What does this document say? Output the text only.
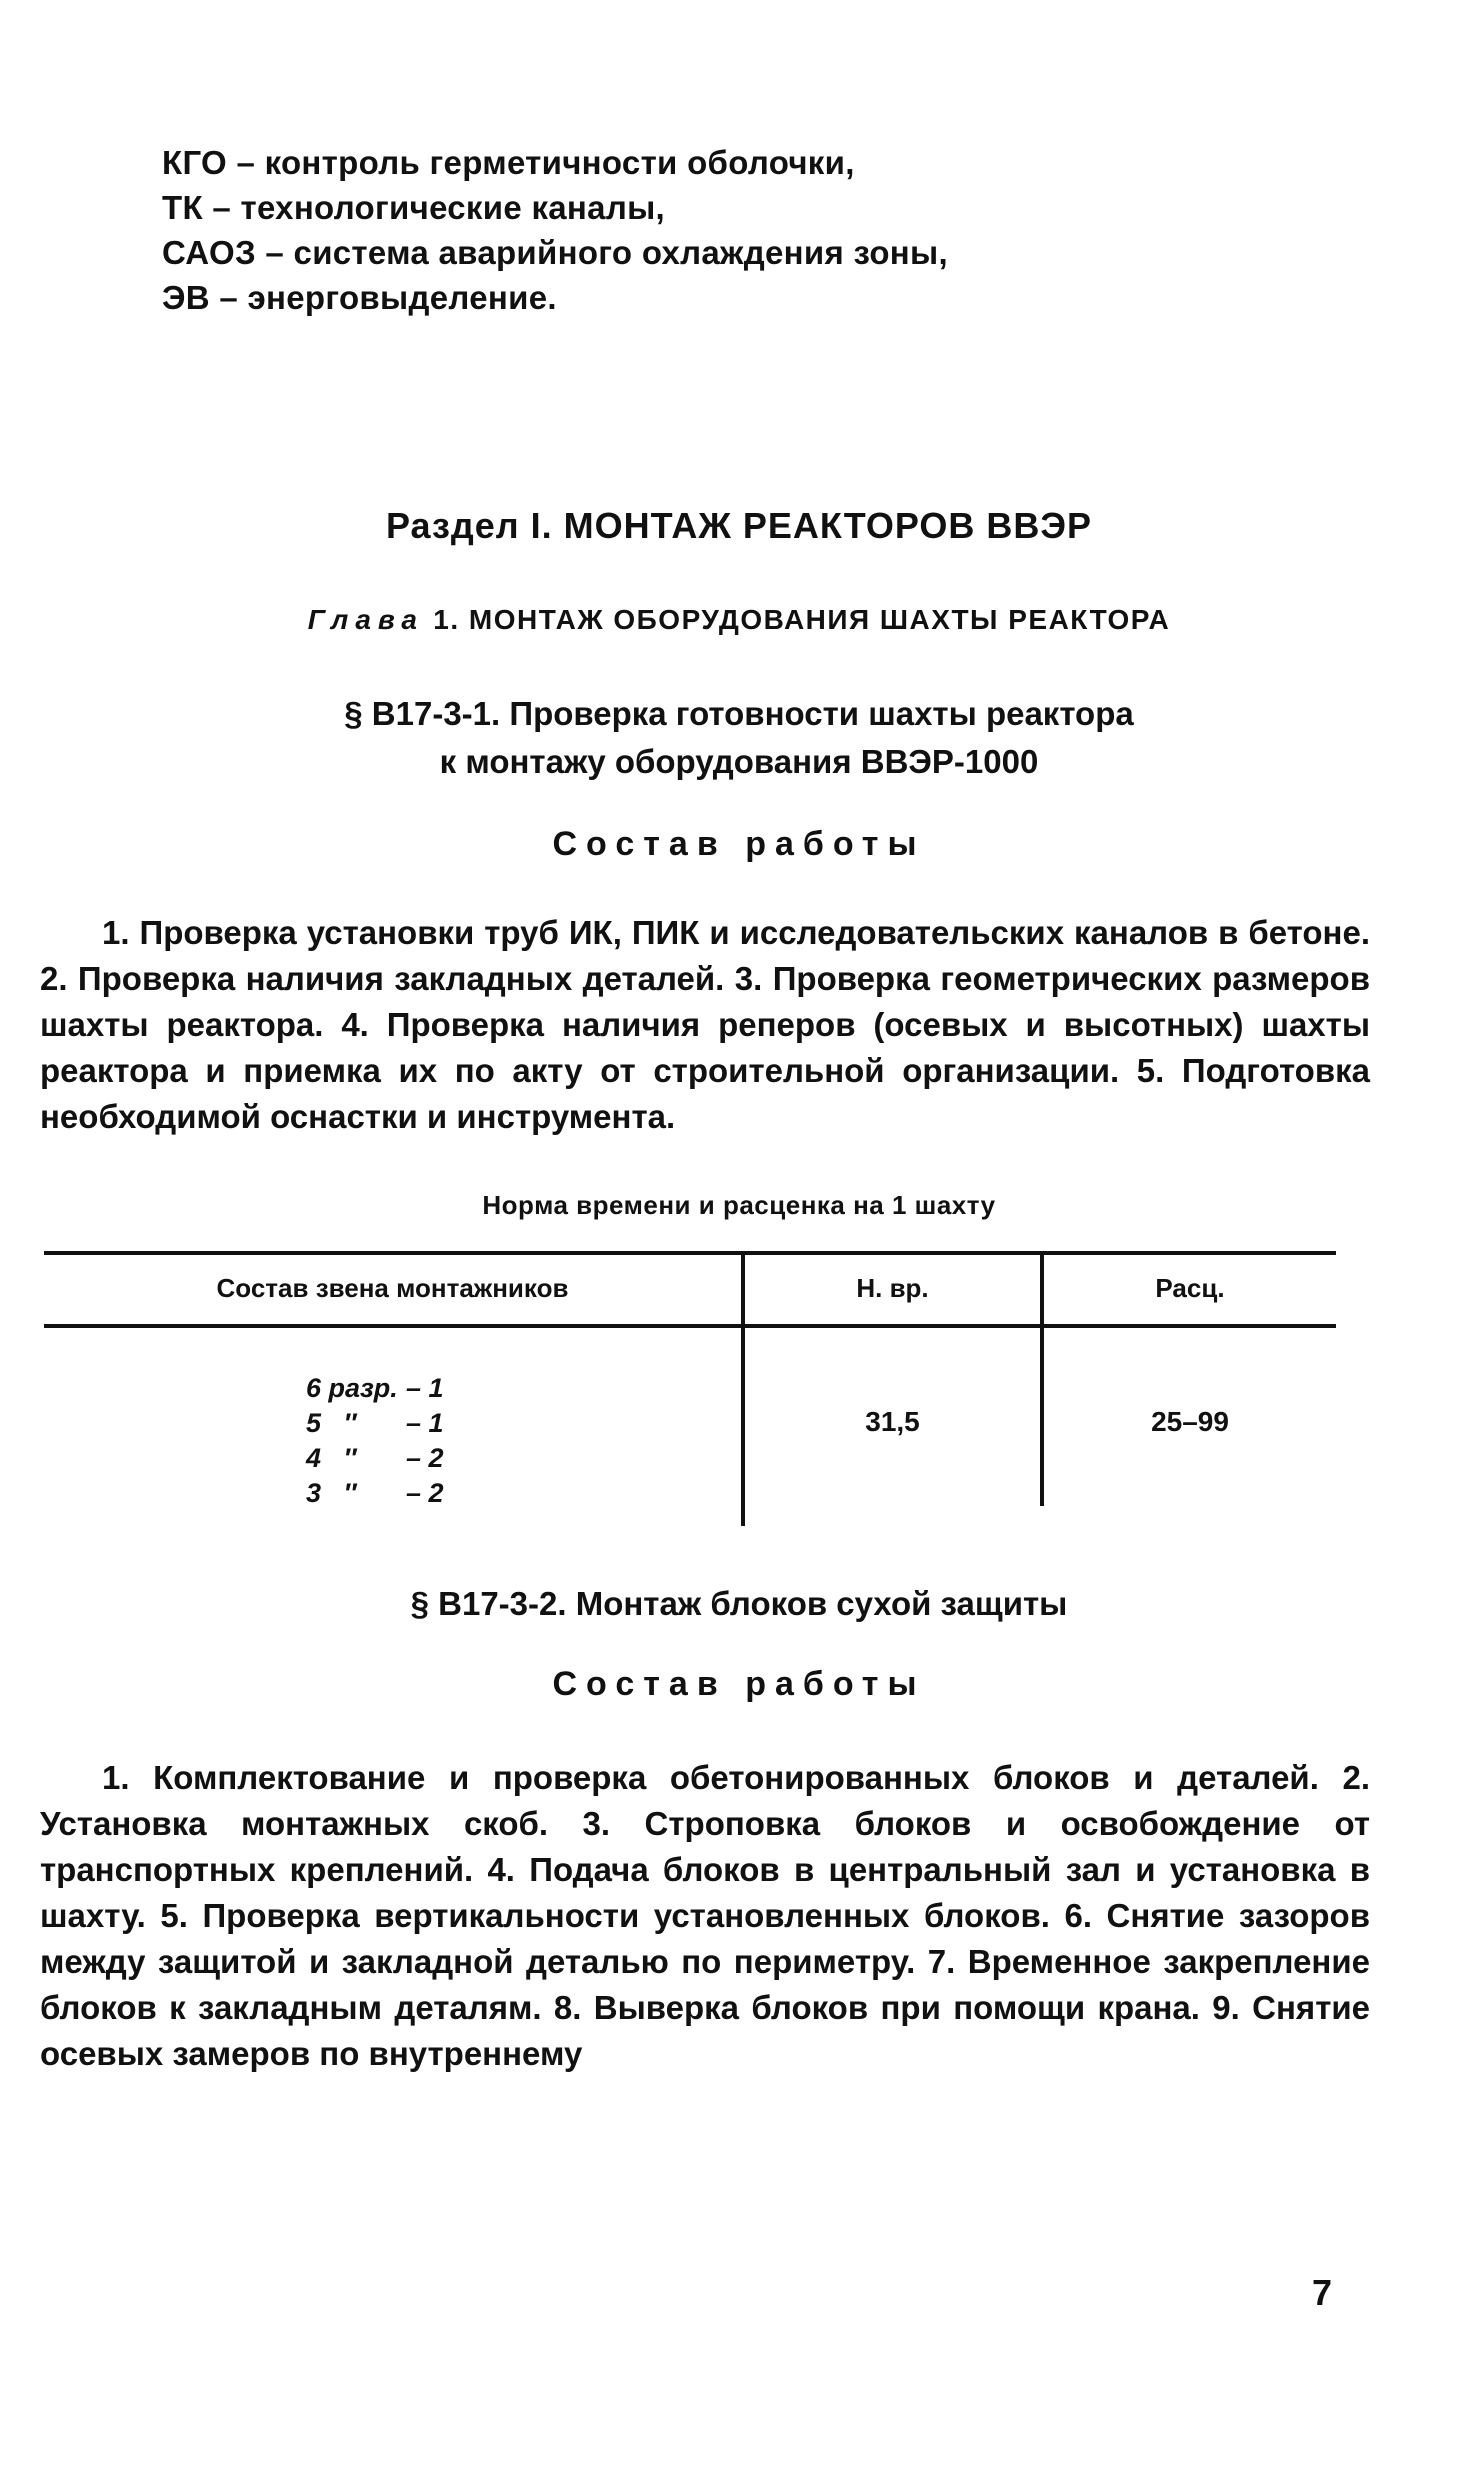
КГО – контроль герметичности оболочки,
ТК – технологические каналы,
САОЗ – система аварийного охлаждения зоны,
ЭВ – энерговыделение.
Раздел I. МОНТАЖ РЕАКТОРОВ ВВЭР
Глава 1. МОНТАЖ ОБОРУДОВАНИЯ ШАХТЫ РЕАКТОРА
§ В17-3-1. Проверка готовности шахты реактора
к монтажу оборудования ВВЭР-1000
Состав работы

1. Проверка установки труб ИК, ПИК и исследовательских каналов в бетоне. 2. Проверка наличия закладных деталей. 3. Проверка геометрических размеров шахты реактора. 4. Проверка наличия реперов (осевых и высотных) шахты реактора и приемка их по акту от строительной организации. 5. Подготовка необходимой оснастки и инструмента.

Норма времени и расценка на 1 шахту
Состав звена монтажников	Н. вр.	Расц.
6 разр. – 1
5   ″ – 1
4   ″ – 2
3   ″ – 2
31,5	25–99
§ В17-3-2. Монтаж блоков сухой защиты
Состав работы

1. Комплектование и проверка обетонированных блоков и деталей. 2. Установка монтажных скоб. 3. Строповка блоков и освобождение от транспортных креплений. 4. Подача блоков в центральный зал и установка в шахту. 5. Проверка вертикальности установленных блоков. 6. Снятие зазоров между защитой и закладной деталью по периметру. 7. Временное закрепление блоков к закладным деталям. 8. Выверка блоков при помощи крана. 9. Снятие осевых замеров по внутреннему

7
